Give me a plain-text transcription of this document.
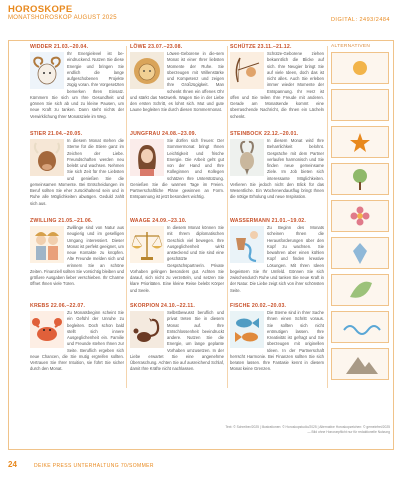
HOROSKOPE
MONATSHOROSKOP AUGUST 2025	DIGITAL: 2493/2484
WIDDER 21.03.–20.04.
Ihr Energielevel ist be-eindruckend. Nutzen Sie diese Energie und bringen Sie endlich die lange aufgeschobenen Projekte zügig voran. Ihre Vorgesetzten bemerken Ihren Einsatz. Kümmern Sie sich um Ihre Gesundheit und gönnen Sie sich ab und zu kleine Pausen, um neue Kraft zu tanken. Dann steht nichts der Verwirklichung Ihrer Monatsziele im Weg.
LÖWE 23.07.–23.08.
Löwen-Geborene in die-sem Monat ist einer Ihrer liebsten Momente der Ruhe. Sie überzeugen mit Willenstärke und Kompetenz und zeigen Ihre Großzügigkeit. Man schenkt Ihnen ein offenes Ohr und stärkt das Netzwerk. Wagen Sie in der Liebe den ersten Schritt, es lohnt sich. Mut und gute Laune begleiten Sie durch diesen Sommermonat.
SCHÜTZE 23.11.–21.12.
Schütze-Geborene ziehen bekanntlich die Blicke auf sich. Ihre Neugier bringt Sie auf viele Ideen, doch das ist nicht alles. Auch Sie erleben immer wieder Momente der Entspannung. Ihr Herz ist offen und Sie teilen Ihre Freude mit anderen. Gerade am Monatsende kommt eine überraschende Nachricht, die Ihnen ein Lächeln schenkt.
STIER 21.04.–20.05.
In diesem Monat stehen die Sterne für die Stiere ganz im Zeichen der Liebe. Freundschaften werden neu belebt und wachsen. Nehmen Sie sich Zeit für Ihre Liebsten und genießen Sie die gemeinsamen Momente. Bei Entscheidungen im Beruf sollten Sie eher zurückhaltend sein und in Ruhe alle Möglichkeiten abwägen. Geduld zahlt sich aus.
JUNGFRAU 24.08.–23.09.
Sie dürfen sich freuen: Der Sommermonat bringt Ihnen Leichtigkeit und frische Energie. Die Arbeit geht gut von der Hand und Ihre Kolleginnen und Kollegen schätzen Ihre Unterstützung. Genießen Sie die warmen Tage im Freien. Partnerschaftliche Pläne gewinnen an Form. Entspannung ist jetzt besonders wichtig.
STEINBOCK 22.12.–20.01.
In diesem Monat wird Ihre Beharrlichkeit belohnt. Gespräche mit dem Partner verlaufen harmonisch und Sie finden neue gemeinsame Ziele. Im Job bieten sich interessante Möglichkeiten. Verlieren Sie jedoch nicht den Blick für das Wesentliche. Ein Wochenendausflug bringt Ihnen die nötige Erholung und neue Inspiration.
ZWILLING 21.05.–21.06.
Zwillinge sind von Natur aus neugierig und im geselligen Umgang interessiert. Dieser Monat ist perfekt geeignet, um neue Kontakte zu knüpfen. Alte Freunde melden sich und erinnern Sie an schöne Zeiten. Finanziell sollten Sie vorsichtig bleiben und größere Ausgaben lieber verschieben. Ihr Charme öffnet Ihnen viele Türen.
WAAGE 24.09.–23.10.
In diesem Monat können Sie mit Ihrem diplomatischen Geschick viel bewegen. Ihre Ausgeglichenheit wirkt ansteckend und Sie sind eine geschätzte Gesprächspartnerin. Private Vorhaben gelingen besonders gut. Achten Sie darauf, sich nicht zu verzetteln, und setzen Sie klare Prioritäten. Eine kleine Reise belebt Körper und Seele.
WASSERMANN 21.01.–19.02.
Zu Beginn des Monats scheinen Ihnen die Herausforderungen über den Kopf zu wachsen. Sie bewahren aber einen kühlen Kopf und finden kreative Lösungen. Mit Ihren Ideen begeistern Sie Ihr Umfeld. Gönnen Sie sich zwischendurch Ruhe und tanken Sie neue Kraft in der Natur. Die Liebe zeigt sich von ihrer schönsten Seite.
KREBS 22.06.–22.07.
Zu Monatsbeginn scheint Sie ein Gefühl der Unruhe zu begleiten. Doch schon bald stellt sich innere Ausgeglichenheit ein. Familie und Freunde stehen Ihnen zur Seite. Beruflich ergeben sich neue Chancen, die Sie mutig ergreifen sollten. Vertrauen Sie Ihrer Intuition, sie führt Sie sicher durch den Monat.
SKORPION 24.10.–22.11.
Selbstbewusst beruflich und privat treten Sie in diesem Monat auf. Ihre Entschlossenheit beeindruckt andere. Nutzen Sie die Energie, um lange geplante Vorhaben umzusetzen. In der Liebe erwartet Sie eine angenehme Überraschung. Achten Sie auf ausreichend Schlaf, damit Ihre Kräfte nicht nachlassen.
FISCHE 20.02.–20.03.
Die Sterne sind in Ihrer Sache Ihnen einen Schritt voraus. Sie sollten sich nicht entmutigen lassen. Ihre Kreativität ist gefragt und Sie überzeugen mit originellen Ideen. In der Partnerschaft herrscht Harmonie. Bei Finanzen sollten Sie sich beraten lassen. Ihre Fantasie kennt in diesem Monat keine Grenzen.
ALTERNATIVEN
Text: © Schreiber/2025 | Illustrationen: © Horoskopstudio/2025 | Alternative Horoskopzeichen: © gemeinfrei/2025 — Bild ohne Honorarpflicht nur für redaktionelle Nutzung
24	DEIKE PRESS UNTERHALTUNG 70/SOMMER
